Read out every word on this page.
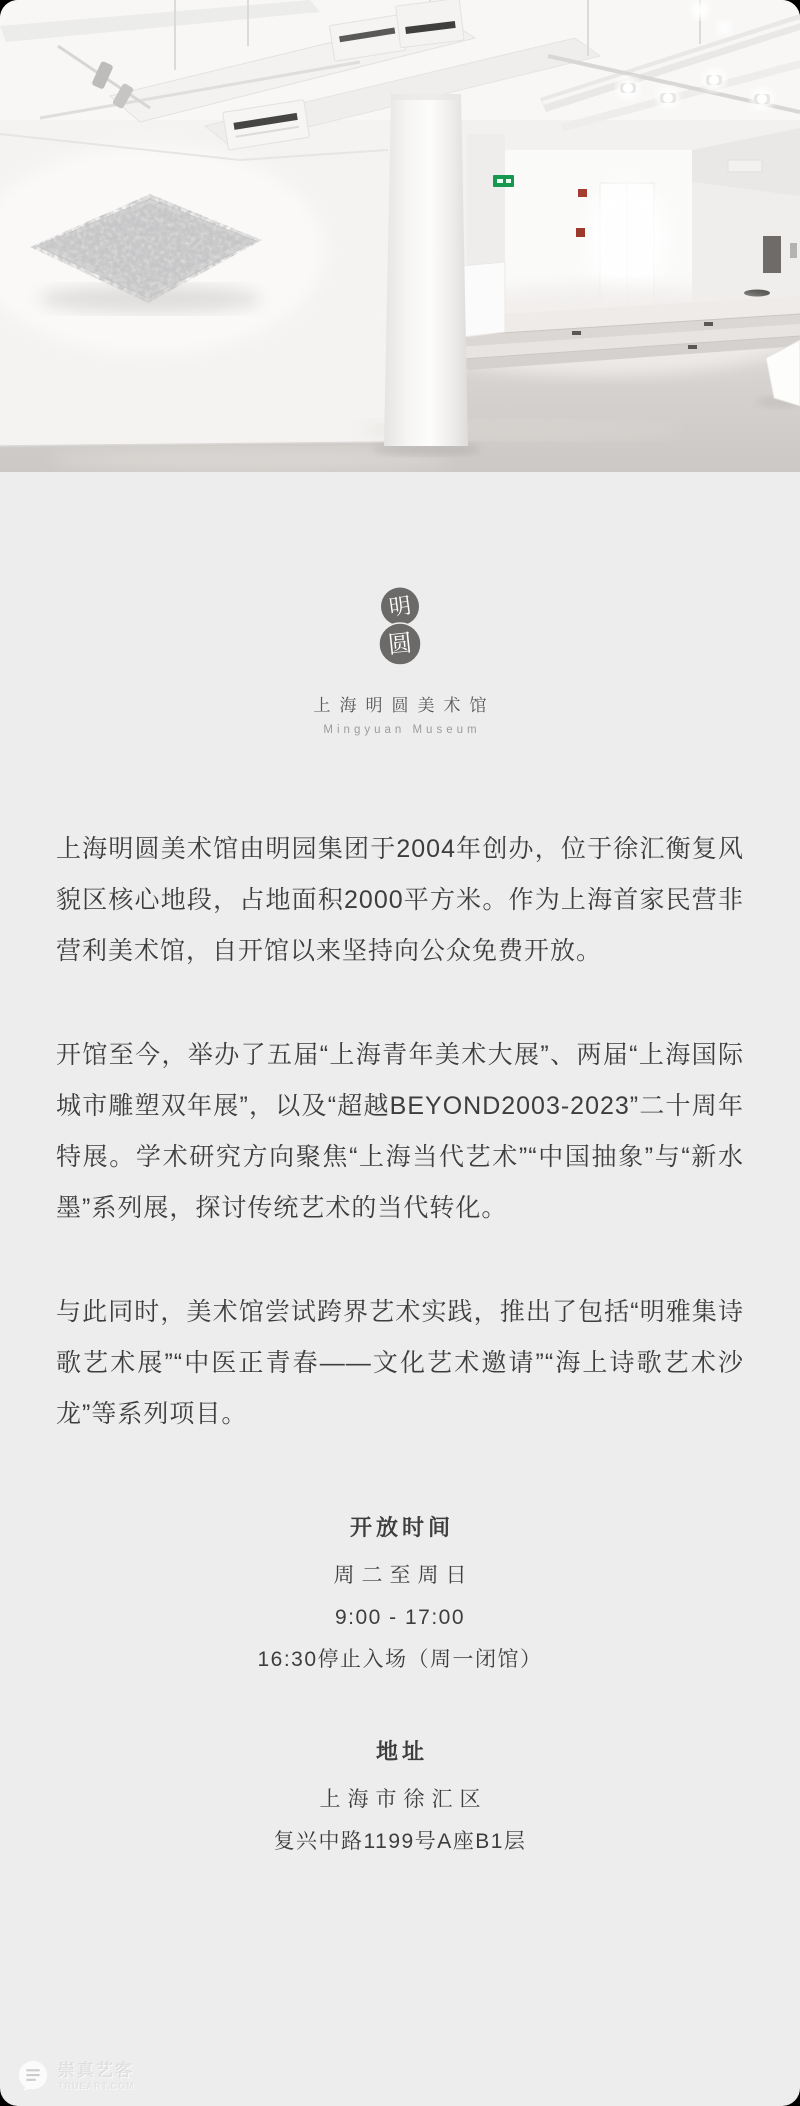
明
圆
上海明圆美术馆
Mingyuan Museum

上海明圆美术馆由明园集团于2004年创办，位于徐汇衡复风貌区核心地段，占地面积2000平方米。作为上海首家民营非营利美术馆，自开馆以来坚持向公众免费开放。

开馆至今，举办了五届“上海青年美术大展”、两届“上海国际城市雕塑双年展”，以及“超越BEYOND2003-2023”二十周年特展。学术研究方向聚焦“上海当代艺术”“中国抽象”与“新水墨”系列展，探讨传统艺术的当代转化。

与此同时，美术馆尝试跨界艺术实践，推出了包括“明雅集诗歌艺术展”“中医正青春——文化艺术邀请”“海上诗歌艺术沙龙”等系列项目。

开放时间
周二至周日
9:00 - 17:00
16:30停止入场（周一闭馆）
地址
上海市徐汇区
复兴中路1199号A座B1层
崇真艺客
TRUEART.COM
